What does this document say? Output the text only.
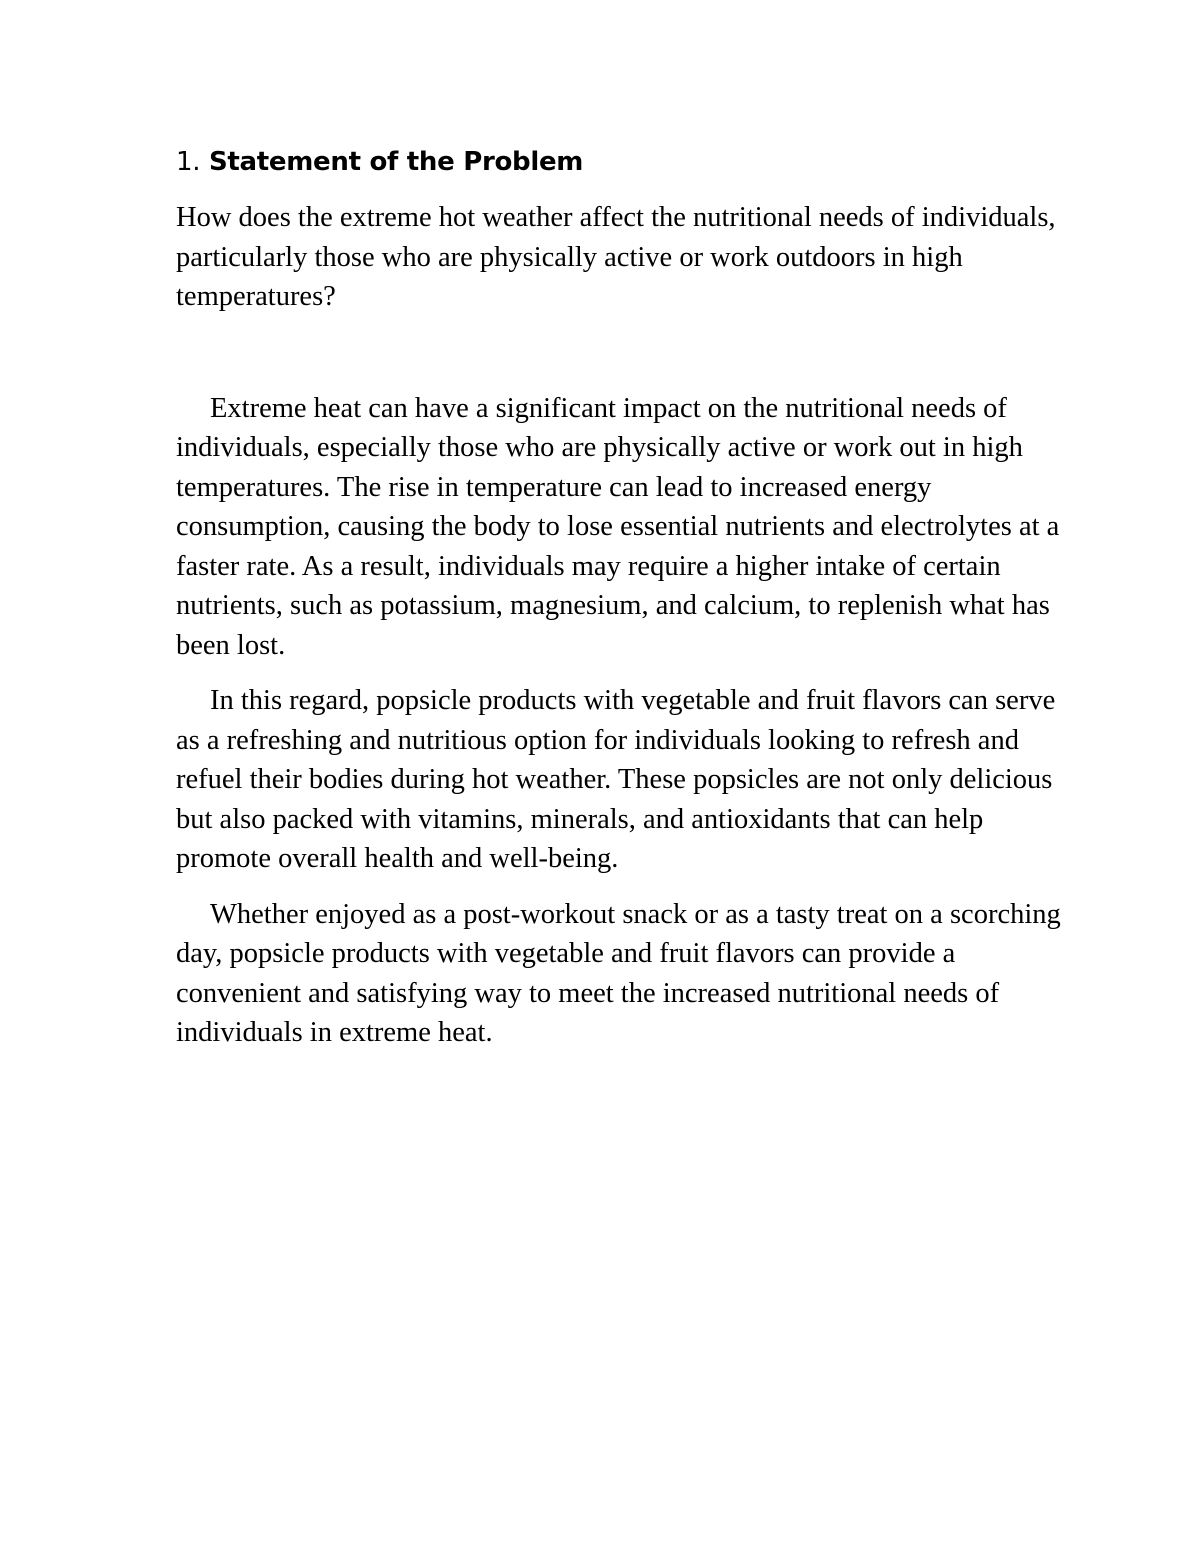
1. Statement of the Problem

How does the extreme hot weather affect the nutritional needs of individuals, particularly those who are physically active or work outdoors in high temperatures?

Extreme heat can have a significant impact on the nutritional needs of individuals, especially those who are physically active or work out in high temperatures. The rise in temperature can lead to increased energy consumption, causing the body to lose essential nutrients and electrolytes at a faster rate. As a result, individuals may require a higher intake of certain nutrients, such as potassium, magnesium, and calcium, to replenish what has been lost.

In this regard, popsicle products with vegetable and fruit flavors can serve as a refreshing and nutritious option for individuals looking to refresh and refuel their bodies during hot weather. These popsicles are not only delicious but also packed with vitamins, minerals, and antioxidants that can help promote overall health and well-being.

Whether enjoyed as a post-workout snack or as a tasty treat on a scorching day, popsicle products with vegetable and fruit flavors can provide a convenient and satisfying way to meet the increased nutritional needs of individuals in extreme heat.
